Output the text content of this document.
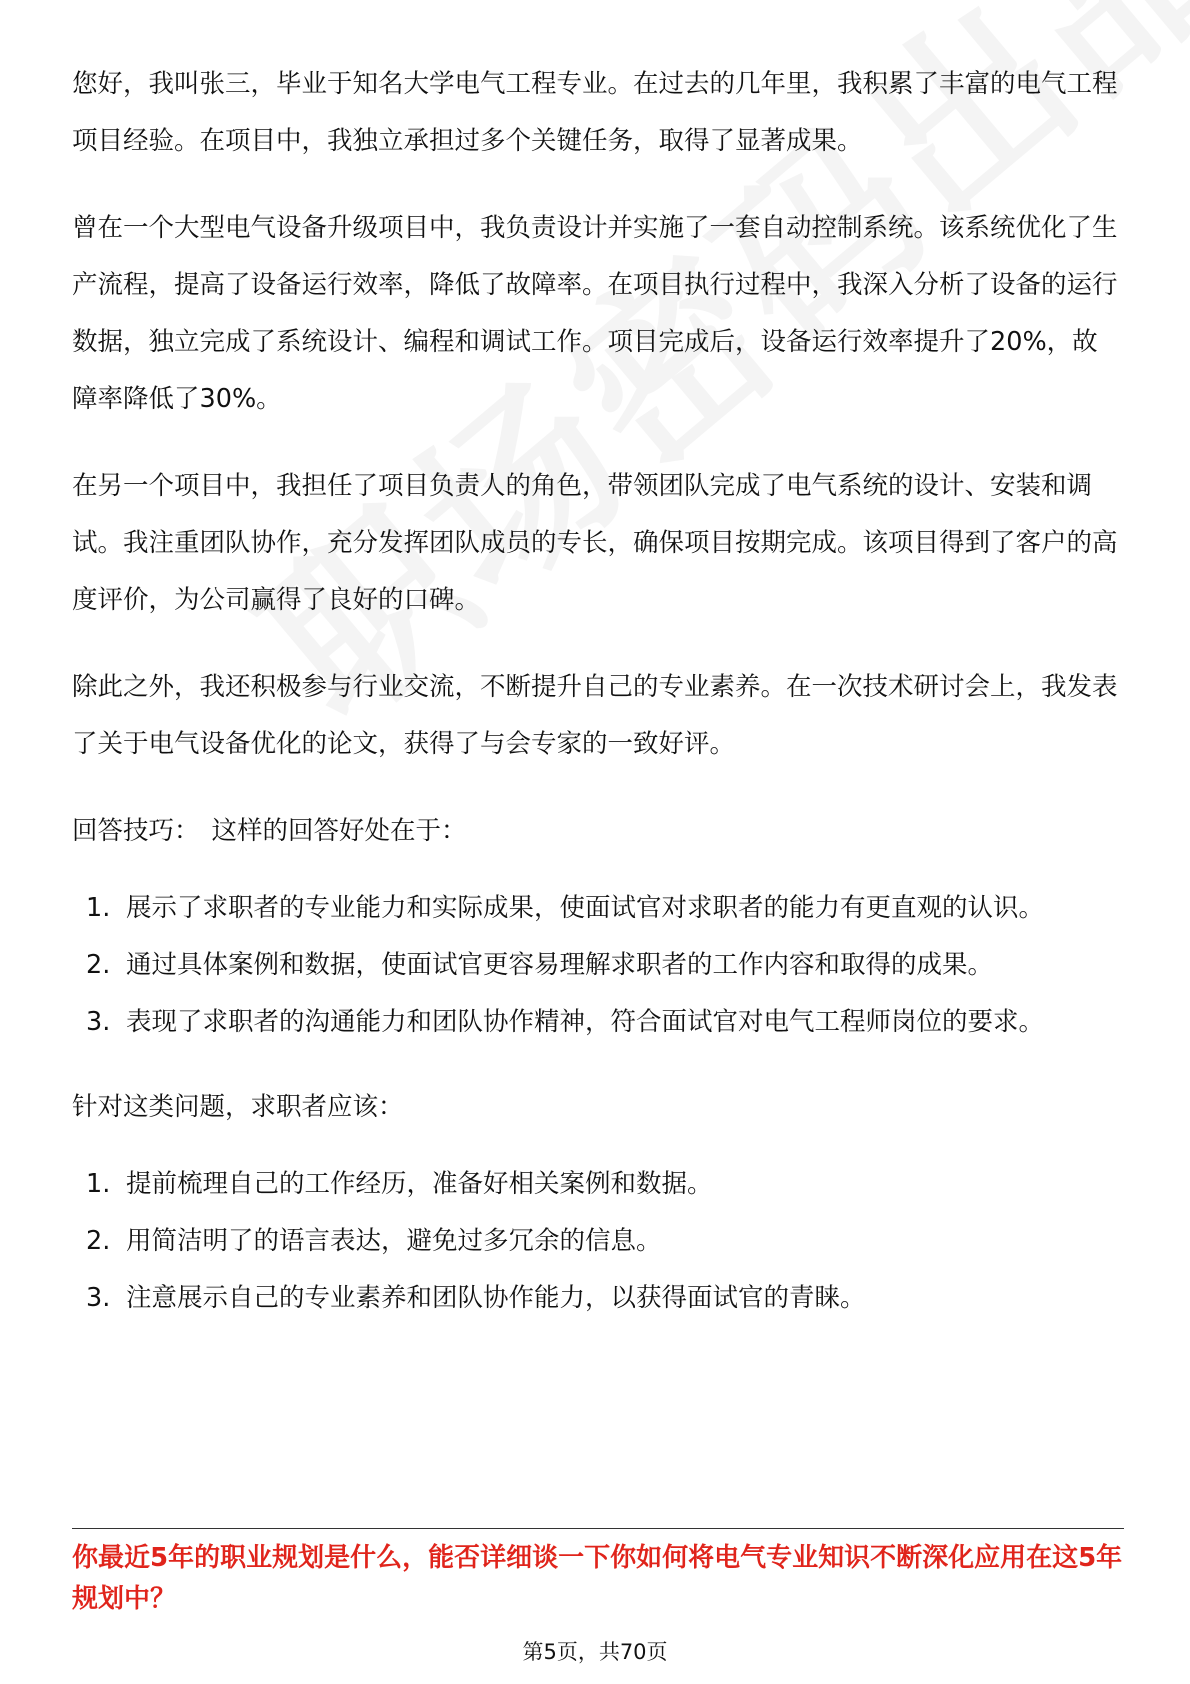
您好，我叫张三，毕业于知名大学电气工程专业。在过去的几年里，我积累了丰富的电气工程项目经验。在项目中，我独立承担过多个关键任务，取得了显著成果。

曾在一个大型电气设备升级项目中，我负责设计并实施了一套自动控制系统。该系统优化了生产流程，提高了设备运行效率，降低了故障率。在项目执行过程中，我深入分析了设备的运行数据，独立完成了系统设计、编程和调试工作。项目完成后，设备运行效率提升了20%，故障率降低了30%。

在另一个项目中，我担任了项目负责人的角色，带领团队完成了电气系统的设计、安装和调试。我注重团队协作，充分发挥团队成员的专长，确保项目按期完成。该项目得到了客户的高度评价，为公司赢得了良好的口碑。

除此之外，我还积极参与行业交流，不断提升自己的专业素养。在一次技术研讨会上，我发表了关于电气设备优化的论文，获得了与会专家的一致好评。

回答技巧： 这样的回答好处在于：
1. 展示了求职者的专业能力和实际成果，使面试官对求职者的能力有更直观的认识。
2. 通过具体案例和数据，使面试官更容易理解求职者的工作内容和取得的成果。
3. 表现了求职者的沟通能力和团队协作精神，符合面试官对电气工程师岗位的要求。
针对这类问题，求职者应该：
1. 提前梳理自己的工作经历，准备好相关案例和数据。
2. 用简洁明了的语言表达，避免过多冗余的信息。
3. 注意展示自己的专业素养和团队协作能力，以获得面试官的青睐。
你最近5年的职业规划是什么，能否详细谈一下你如何将电气专业知识不断深化应用在这5年规划中？
第5页，共70页
